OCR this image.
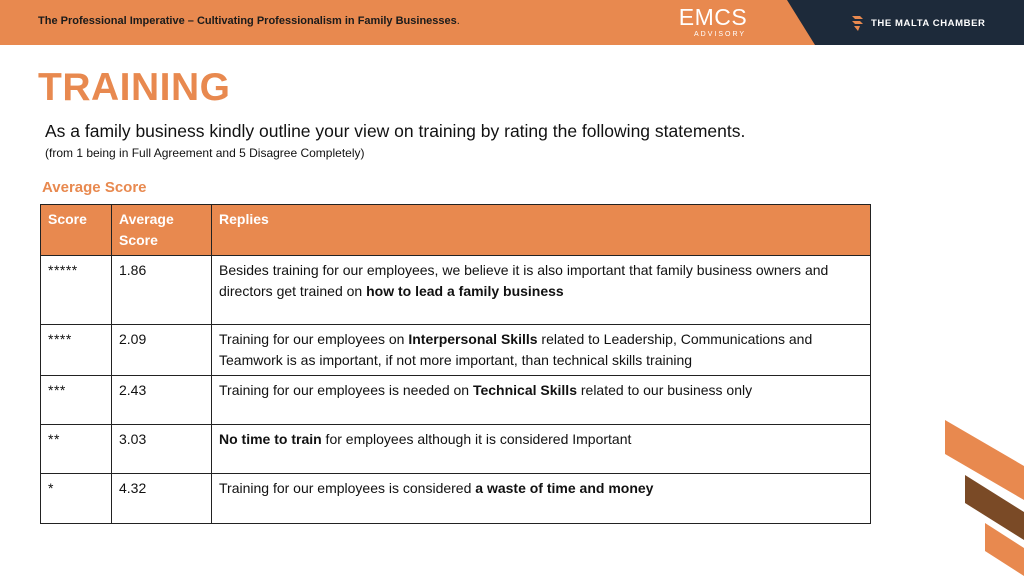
The Professional Imperative – Cultivating Professionalism in Family Businesses.	EMCS
ADVISORY
THE MALTA CHAMBER
TRAINING

As a family business kindly outline your view on training by rating the following statements.

(from 1 being in Full Agreement and 5 Disagree Completely)

Average Score
Score	Average Score	Replies
*****	1.86	Besides training for our employees, we believe it is also important that family business owners and directors get trained on how to lead a family business
****	2.09	Training for our employees on Interpersonal Skills related to Leadership, Communications and Teamwork is as important, if not more important, than technical skills training
***	2.43	Training for our employees is needed on Technical Skills related to our business only
**	3.03	No time to train for employees although it is considered Important
*	4.32	Training for our employees is considered a waste of time and money
